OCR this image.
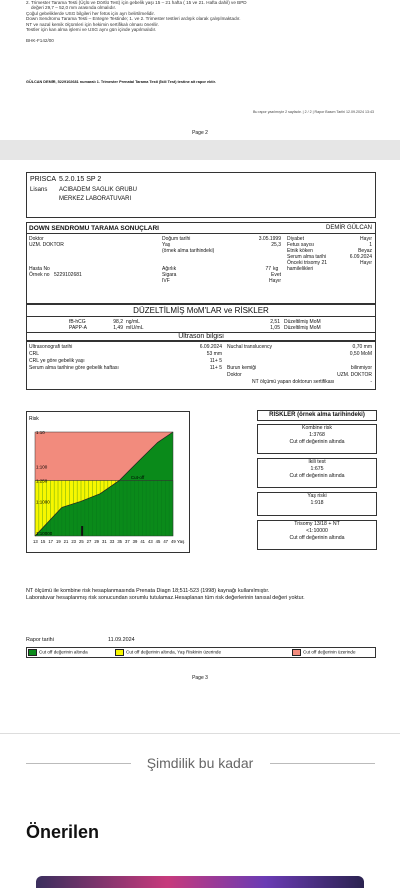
2. Trimester Tarama Testi (Üçlü ve Dörtlü Test) için gebelik yaşı 15 – 21 hafta ( 15 ve 21. Hafta dahil) ve BPD
değeri 29,7 – 52,0 mm arasında olmalıdır.
Çoğul gebeliklerde USG bilgileri her fetüs için ayrı belirtilmelidir.
Down Sendromu Tarama Testi – Entegre Testinde; 1. ve 2. Trimester testleri ardışık olarak çalışılmaktadır.
NT ve nazal kemik ölçümleri için hekimin sertifikalı olması önerilir.
Testler için kan alma işlemi ve USG aynı gün içinde yapılmalıdır.
BHK-F142/00
GÜLCAN DEMİR, 5229102681 numaralı 1. Trimester Prenatal Tarama Testi (İkili Test) testine ait rapor ektir.
Bu rapor yazılmıştır 2 sayfadır. | 2 / 2 | Rapor Basım Tarihi 12.09.2024 13:43
Page 2
PRISCA 5.2.0.15 SP 2
Lisans ACIBADEM SAGLIK GRUBU
MERKEZ LABORATUVARI
DOWN SENDROMU TARAMA SONUÇLARI	DEMİR GÜLCAN
Doktor
UZM. DOKTOR
Hasta No
Örnek no 5229102681
Doğum tarihi	3.05.1999
Yaş	25,3
(örnek alma tarihindeki)
Ağırlık	77 kg
Sigara	Evet
IVF	Hayır
Diyabet	Hayır
Fetus sayısı	1
Etnik köken	Beyaz
Serum alma tarihi	6.09.2024
Önceki trisomy 21
hamilelikleri
Hayır
DÜZELTİLMİŞ MoM'LAR ve RİSKLER
fB-hCG	98,2 ng/mL	2,51 Düzeltilmiş MoM
PAPP-A	1,49 mIU/mL	1,05 Düzeltilmiş MoM
Ultrason bilgisi
Ultrasonografi tarihi	6.09.2024
CRL	53 mm
CRL ye göre gebelik yaşı	11+ 5
Serum alma tarihine göre gebelik haftası	11+ 5
Nuchal translucency	0,70 mm
0,50 MoM
Burun kemiği	bilinmiyor
Doktor	UZM. DOKTOR
NT ölçümü yapan doktorun sertifikası	-
Cut-off
Risk
1:10
1:100
1:250
1:1000
1:10000
13 15 17 19 21 23 25 27 29 31 33 35 37 39 41 43 45 47 49 Yaş
RİSKLER (örnek alma tarihindeki)
Kombine risk
1:3768
Cut off değerinin altında
İkili test
1:675
Cut off değerinin altında
Yaş riski
1:918
Trisomy 13/18 + NT
<1:10000
Cut off değerinin altında
NT ölçümü ile kombine risk hesaplanmasında Prenata Diagn 18;511-523 (1998) kaynağı kullanılmıştır.
Laboratuvar hesaplanmış risk sonucundan sorumlu tutulamaz.Hesaplanan tüm risk değerlerinin tanısal değeri yoktur.
Rapor tarihi	11.09.2024
Cut off değerinin altında	Cut off değerinin altında, Yaş Riskinin üzerinde	Cut off değerinin üzerinde
Page 3
Şimdilik bu kadar
Önerilen
